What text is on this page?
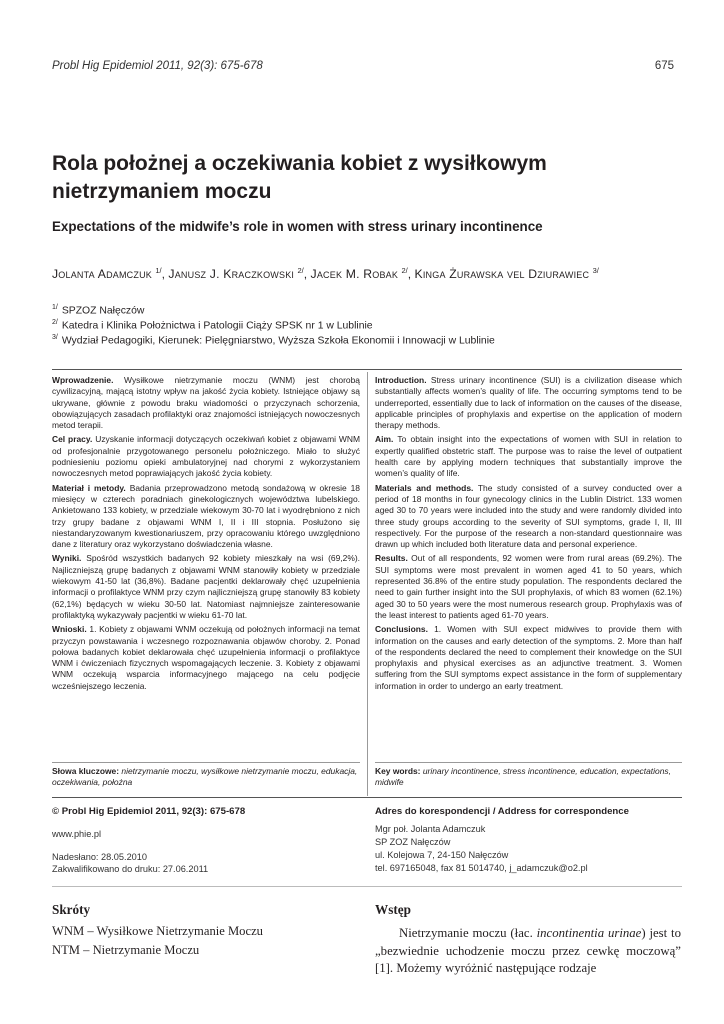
Probl Hig Epidemiol 2011, 92(3): 675-678	675
Rola położnej a oczekiwania kobiet z wysiłkowym nietrzymaniem moczu
Expectations of the midwife’s role in women with stress urinary incontinence
Jolanta Adamczuk $^{1/}$, Janusz J. Kraczkowski $^{2/}$, Jacek M. Robak $^{2/}$, Kinga Żurawska vel Dziurawiec $^{3/}$
$^{1/}$ SPZOZ Nałęczów
$^{2/}$ Katedra i Klinika Położnictwa i Patologii Ciąży SPSK nr 1 w Lublinie
$^{3/}$ Wydział Pedagogiki, Kierunek: Pielęgniarstwo, Wyższa Szkoła Ekonomii i Innowacji w Lublinie

Wprowadzenie. Wysiłkowe nietrzymanie moczu (WNM) jest chorobą cywilizacyjną, mającą istotny wpływ na jakość życia kobiety. Istniejące objawy są ukrywane, głównie z powodu braku wiadomości o przyczynach schorzenia, obowiązujących zasadach profilaktyki oraz znajomości istniejących nowoczesnych metod terapii.

Cel pracy. Uzyskanie informacji dotyczących oczekiwań kobiet z objawami WNM od profesjonalnie przygotowanego personelu położniczego. Miało to służyć podniesieniu poziomu opieki ambulatoryjnej nad chorymi z wykorzystaniem nowoczesnych metod poprawiających jakość życia kobiety.

Materiał i metody. Badania przeprowadzono metodą sondażową w okresie 18 miesięcy w czterech poradniach ginekologicznych województwa lubelskiego. Ankietowano 133 kobiety, w przedziale wiekowym 30-70 lat i wyodrębniono z nich trzy grupy badane z objawami WNM I, II i III stopnia. Posłużono się niestandaryzowanym kwestionariuszem, przy opracowaniu którego uwzględniono dane z literatury oraz wykorzystano doświadczenia własne.

Wyniki. Spośród wszystkich badanych 92 kobiety mieszkały na wsi (69,2%). Najliczniejszą grupę badanych z objawami WNM stanowiły kobiety w przedziale wiekowym 41-50 lat (36,8%). Badane pacjentki deklarowały chęć uzupełnienia informacji o profilaktyce WNM przy czym najliczniejszą grupę stanowiły 83 kobiety (62,1%) będących w wieku 30-50 lat. Natomiast najmniejsze zainteresowanie profilaktyką wykazywały pacjentki w wieku 61-70 lat.

Wnioski. 1. Kobiety z objawami WNM oczekują od położnych informacji na temat przyczyn powstawania i wczesnego rozpoznawania objawów choroby. 2. Ponad połowa badanych kobiet deklarowała chęć uzupełnienia informacji o profilaktyce WNM i ćwiczeniach fizycznych wspomagających leczenie. 3. Kobiety z objawami WNM oczekują wsparcia informacyjnego mającego na celu podjęcie wcześniejszego leczenia.

Introduction. Stress urinary incontinence (SUI) is a civilization disease which substantially affects women’s quality of life. The occurring symptoms tend to be underreported, essentially due to lack of information on the causes of the disease, applicable principles of prophylaxis and expertise on the application of modern therapy methods.

Aim. To obtain insight into the expectations of women with SUI in relation to expertly qualified obstetric staff. The purpose was to raise the level of outpatient health care by applying modern techniques that substantially improve the women’s quality of life.

Materials and methods. The study consisted of a survey conducted over a period of 18 months in four gynecology clinics in the Lublin District. 133 women aged 30 to 70 years were included into the study and were randomly divided into three study groups according to the severity of SUI symptoms, grade I, II, III respectively. For the purpose of the research a non-standard questionnaire was drawn up which included both literature data and personal experience.

Results. Out of all respondents, 92 women were from rural areas (69.2%). The SUI symptoms were most prevalent in women aged 41 to 50 years, which represented 36.8% of the entire study population. The respondents declared the need to gain further insight into the SUI prophylaxis, of which 83 women (62.1%) aged 30 to 50 years were the most numerous research group. Prophylaxis was of the least interest to patients aged 61-70 years.

Conclusions. 1. Women with SUI expect midwives to provide them with information on the causes and early detection of the symptoms. 2. More than half of the respondents declared the need to complement their knowledge on the SUI prophylaxis and physical exercises as an adjunctive treatment. 3. Women suffering from the SUI symptoms expect assistance in the form of supplementary information in order to undergo an early treatment.

Słowa kluczowe: nietrzymanie moczu, wysiłkowe nietrzymanie moczu, edukacja, oczekiwania, położna
Key words: urinary incontinence, stress incontinence, education, expectations, midwife
© Probl Hig Epidemiol 2011, 92(3): 675-678
www.phie.pl
Nadesłano: 28.05.2010
Zakwalifikowano do druku: 27.06.2011
Adres do korespondencji / Address for correspondence
Mgr poł. Jolanta Adamczuk
SP ZOZ Nałęczów
ul. Kolejowa 7, 24-150 Nałęczów
tel. 697165048, fax 81 5014740, j_adamczuk@o2.pl
Skróty
WNM – Wysiłkowe Nietrzymanie Moczu
NTM – Nietrzymanie Moczu
Wstęp
Nietrzymanie moczu (łac. incontinentia urinae) jest to „bezwiednie uchodzenie moczu przez cewkę moczową” [1]. Możemy wyróżnić następujące rodzaje
